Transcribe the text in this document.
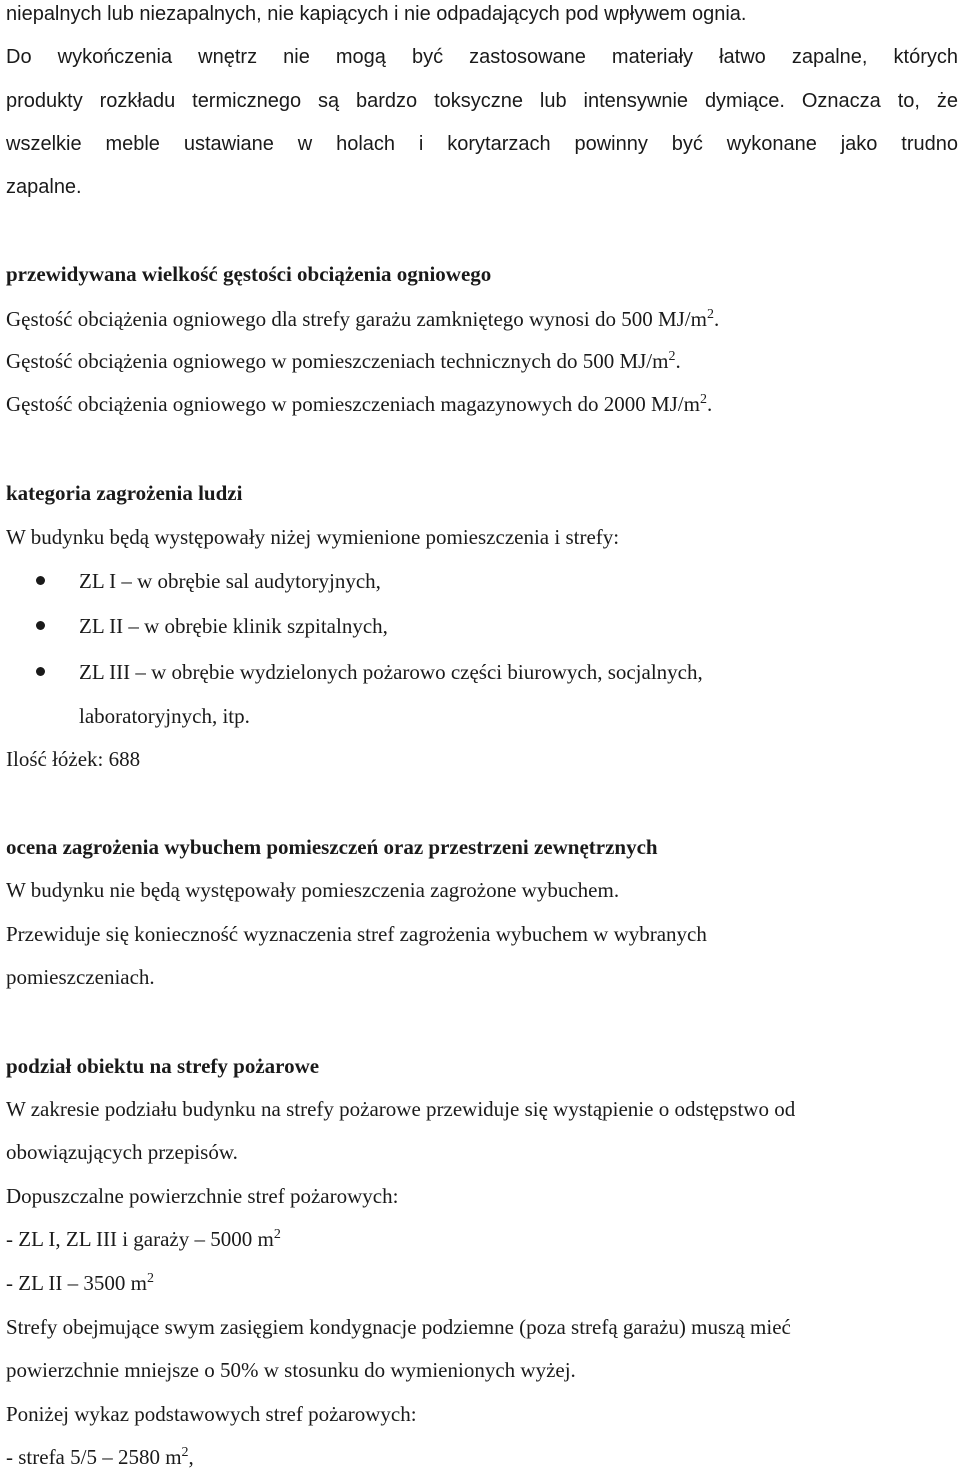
niepalnych lub niezapalnych, nie kapiących i nie odpadających pod wpływem ognia.
Do wykończenia wnętrz nie mogą być zastosowane materiały łatwo zapalne, których
produkty rozkładu termicznego są bardzo toksyczne lub intensywnie dymiące. Oznacza to, że
wszelkie meble ustawiane w holach i korytarzach powinny być wykonane jako trudno
zapalne.
przewidywana wielkość gęstości obciążenia ogniowego
Gęstość obciążenia ogniowego dla strefy garażu zamkniętego wynosi do 500 $MJ/m^2$.
Gęstość obciążenia ogniowego w pomieszczeniach technicznych do 500 $MJ/m^2$.
Gęstość obciążenia ogniowego w pomieszczeniach magazynowych do 2000 $MJ/m^2$.
kategoria zagrożenia ludzi
W budynku będą występowały niżej wymienione pomieszczenia i strefy:
ZL I – w obrębie sal audytoryjnych,
ZL II – w obrębie klinik szpitalnych,
ZL III – w obrębie wydzielonych pożarowo części biurowych, socjalnych,
laboratoryjnych, itp.
Ilość łóżek: 688
ocena zagrożenia wybuchem pomieszczeń oraz przestrzeni zewnętrznych
W budynku nie będą występowały pomieszczenia zagrożone wybuchem.
Przewiduje się konieczność wyznaczenia stref zagrożenia wybuchem w wybranych
pomieszczeniach.
podział obiektu na strefy pożarowe
W zakresie podziału budynku na strefy pożarowe przewiduje się wystąpienie o odstępstwo od
obowiązujących przepisów.
Dopuszczalne powierzchnie stref pożarowych:
- ZL I, ZL III i garaży – 5000 $m^2$
- ZL II – 3500 $m^2$
Strefy obejmujące swym zasięgiem kondygnacje podziemne (poza strefą garażu) muszą mieć
powierzchnie mniejsze o 50% w stosunku do wymienionych wyżej.
Poniżej wykaz podstawowych stref pożarowych:
- strefa 5/5 – 2580 $m^2$,
